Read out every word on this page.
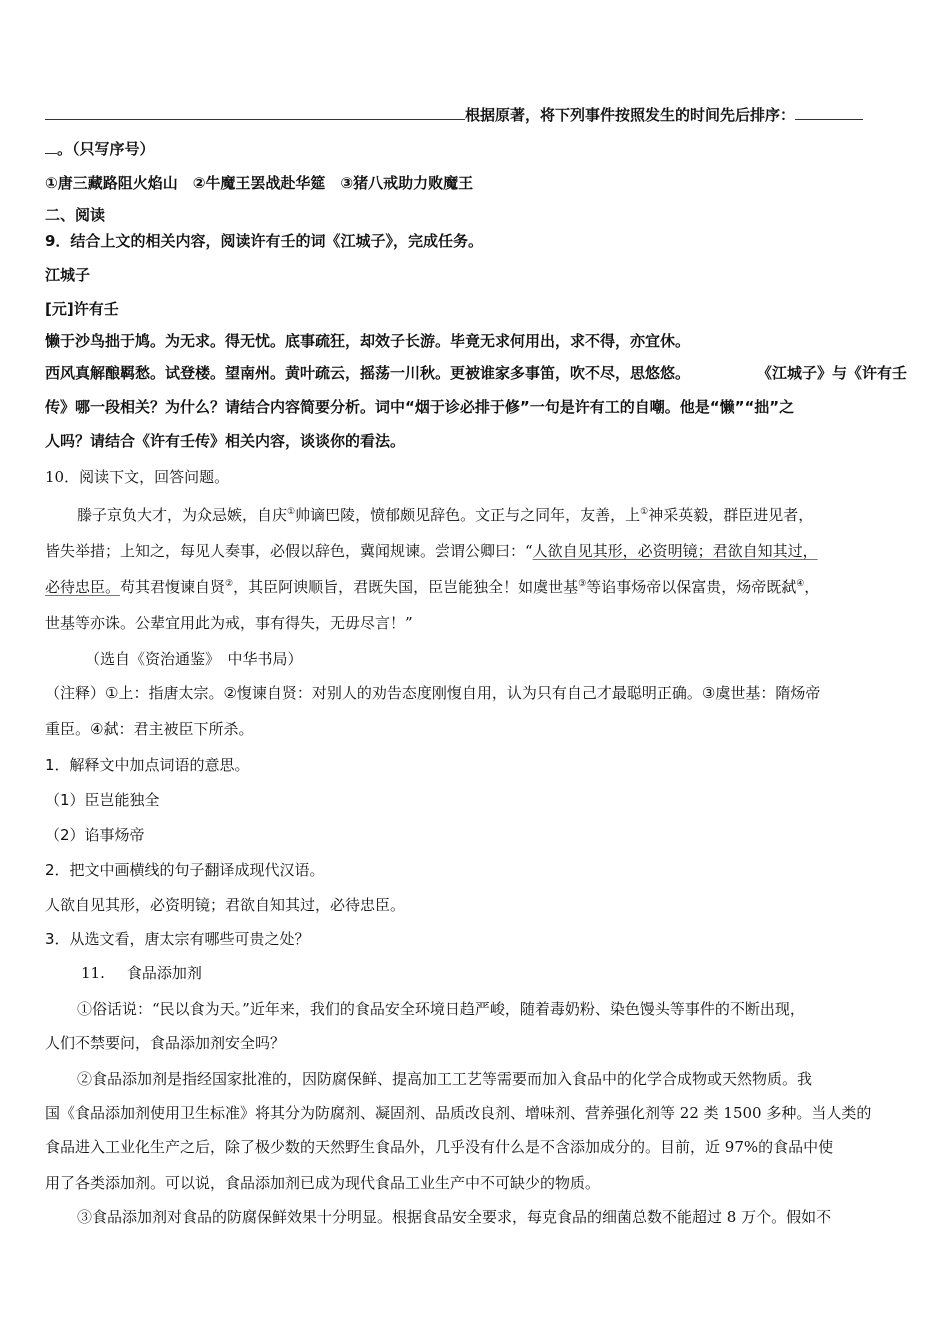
根据原著，将下列事件按照发生的时间先后排序：
。（只写序号）
①唐三藏路阻火焰山　②牛魔王罢战赴华筵　③猪八戒助力败魔王
二、阅读
9．结合上文的相关内容，阅读许有壬的词《江城子》，完成任务。
江城子
[元]许有壬
懒于沙鸟拙于鸠。为无求。得无忧。底事疏狂，却效子长游。毕竟无求何用出，求不得，亦宜休。
西风真解酿羁愁。试登楼。望南州。黄叶疏云，摇荡一川秋。更被谁家多事笛，吹不尽，思悠悠。	《江城子》与《许有壬
传》哪一段相关？为什么？请结合内容简要分析。词中“烟于诊必排于修”一句是许有工的自嘲。他是“懒”“拙”之
人吗？请结合《许有壬传》相关内容，谈谈你的看法。
10．阅读下文，回答问题。
滕子京负大才，为众忌嫉，自庆①帅谪巴陵，愤郁颇见辞色。文正与之同年，友善，上①神采英毅，群臣进见者，
皆失举措；上知之，每见人奏事，必假以辞色，冀闻规谏。尝谓公卿曰：“人欲自见其形，必资明镜；君欲自知其过，
必待忠臣。苟其君愎谏自贤②，其臣阿谀顺旨，君既失国，臣岂能独全！如虞世基③等谄事炀帝以保富贵，炀帝既弑④，
世基等亦诛。公辈宜用此为戒，事有得失，无毋尽言！”
（选自《资治通鉴》　中华书局）
（注释）①上：指唐太宗。②愎谏自贤：对别人的劝告态度刚愎自用，认为只有自己才最聪明正确。③虞世基：隋炀帝
重臣。④弑：君主被臣下所杀。
1．解释文中加点词语的意思。
（1）臣岂能独全
（2）谄事炀帝
2．把文中画横线的句子翻译成现代汉语。
人欲自见其形，必资明镜；君欲自知其过，必待忠臣。
3．从选文看，唐太宗有哪些可贵之处？
11. 食品添加剂
①俗话说：“民以食为天。”近年来，我们的食品安全环境日趋严峻，随着毒奶粉、染色馒头等事件的不断出现，
人们不禁要问，食品添加剂安全吗？
②食品添加剂是指经国家批准的，因防腐保鲜、提高加工工艺等需要而加入食品中的化学合成物或天然物质。我
国《食品添加剂使用卫生标准》将其分为防腐剂、凝固剂、品质改良剂、增味剂、营养强化剂等 22 类 1500 多种。当人类的
食品进入工业化生产之后，除了极少数的天然野生食品外，几乎没有什么是不含添加成分的。目前，近 97%的食品中使
用了各类添加剂。可以说，食品添加剂已成为现代食品工业生产中不可缺少的物质。
③食品添加剂对食品的防腐保鲜效果十分明显。根据食品安全要求，每克食品的细菌总数不能超过 8 万个。假如不
